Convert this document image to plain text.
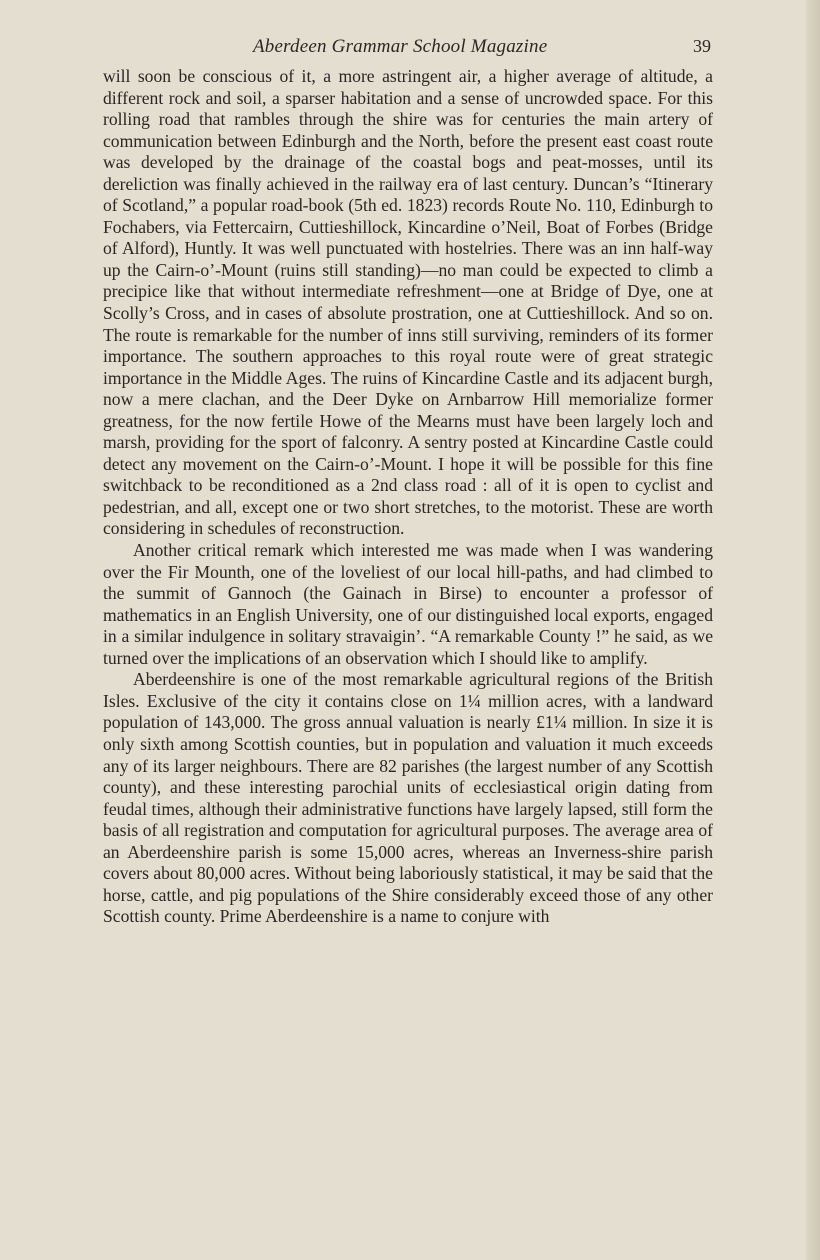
Aberdeen Grammar School Magazine	39

will soon be conscious of it, a more astringent air, a higher average of altitude, a different rock and soil, a sparser habitation and a sense of uncrowded space. For this rolling road that rambles through the shire was for centuries the main artery of communication between Edinburgh and the North, before the present east coast route was developed by the drainage of the coastal bogs and peat-mosses, until its dereliction was finally achieved in the railway era of last century. Duncan’s “Itinerary of Scotland,” a popular road-book (5th ed. 1823) records Route No. 110, Edinburgh to Fochabers, via Fettercairn, Cuttieshillock, Kincardine o’Neil, Boat of Forbes (Bridge of Alford), Huntly. It was well punctuated with hostelries. There was an inn half-way up the Cairn-o’-Mount (ruins still standing)—no man could be expected to climb a precipice like that without intermediate refreshment—one at Bridge of Dye, one at Scolly’s Cross, and in cases of absolute prostration, one at Cuttieshillock. And so on. The route is remarkable for the number of inns still surviving, reminders of its former importance. The southern approaches to this royal route were of great strategic importance in the Middle Ages. The ruins of Kincardine Castle and its adjacent burgh, now a mere clachan, and the Deer Dyke on Arnbarrow Hill memorialize former greatness, for the now fertile Howe of the Mearns must have been largely loch and marsh, providing for the sport of falconry. A sentry posted at Kincardine Castle could detect any movement on the Cairn-o’-Mount. I hope it will be possible for this fine switchback to be reconditioned as a 2nd class road : all of it is open to cyclist and pedestrian, and all, except one or two short stretches, to the motorist. These are worth considering in schedules of reconstruction.

Another critical remark which interested me was made when I was wandering over the Fir Mounth, one of the loveliest of our local hill-paths, and had climbed to the summit of Gannoch (the Gainach in Birse) to encounter a professor of mathematics in an English University, one of our distinguished local exports, engaged in a similar indulgence in solitary stravaigin’. “A remarkable County !” he said, as we turned over the implications of an observation which I should like to amplify.

Aberdeenshire is one of the most remarkable agricultural regions of the British Isles. Exclusive of the city it contains close on 1¼ million acres, with a landward population of 143,000. The gross annual valuation is nearly £1¼ million. In size it is only sixth among Scottish counties, but in population and valuation it much exceeds any of its larger neighbours. There are 82 parishes (the largest number of any Scottish county), and these interesting parochial units of ecclesiastical origin dating from feudal times, although their administrative functions have largely lapsed, still form the basis of all registration and computation for agricultural purposes. The average area of an Aberdeenshire parish is some 15,000 acres, whereas an Inverness-shire parish covers about 80,000 acres. Without being laboriously statistical, it may be said that the horse, cattle, and pig populations of the Shire considerably exceed those of any other Scottish county. Prime Aberdeenshire is a name to conjure with
